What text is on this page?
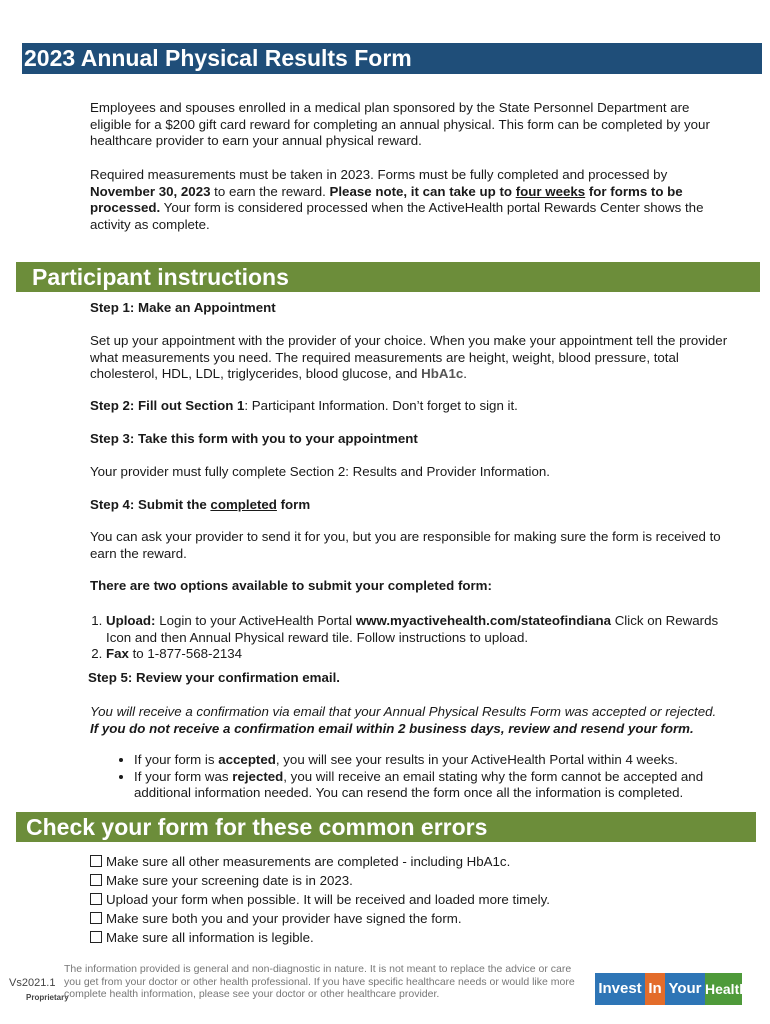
2023 Annual Physical Results Form
Employees and spouses enrolled in a medical plan sponsored by the State Personnel Department are eligible for a $200 gift card reward for completing an annual physical. This form can be completed by your healthcare provider to earn your annual physical reward.
Required measurements must be taken in 2023. Forms must be fully completed and processed by November 30, 2023 to earn the reward. Please note, it can take up to four weeks for forms to be processed. Your form is considered processed when the ActiveHealth portal Rewards Center shows the activity as complete.
Participant instructions
Step 1: Make an Appointment
Set up your appointment with the provider of your choice. When you make your appointment tell the provider what measurements you need. The required measurements are height, weight, blood pressure, total cholesterol, HDL, LDL, triglycerides, blood glucose, and HbA1c.
Step 2: Fill out Section 1: Participant Information. Don’t forget to sign it.
Step 3: Take this form with you to your appointment
Your provider must fully complete Section 2: Results and Provider Information.
Step 4: Submit the completed form
You can ask your provider to send it for you, but you are responsible for making sure the form is received to earn the reward.
There are two options available to submit your completed form:
1. Upload: Login to your ActiveHealth Portal www.myactivehealth.com/stateofindiana Click on Rewards Icon and then Annual Physical reward tile. Follow instructions to upload.
2. Fax to 1-877-568-2134
Step 5: Review your confirmation email.
You will receive a confirmation via email that your Annual Physical Results Form was accepted or rejected.
If you do not receive a confirmation email within 2 business days, review and resend your form.
• If your form is accepted, you will see your results in your ActiveHealth Portal within 4 weeks.
• If your form was rejected, you will receive an email stating why the form cannot be accepted and additional information needed. You can resend the form once all the information is completed.
Check your form for these common errors
Make sure all other measurements are completed - including HbA1c.
Make sure your screening date is in 2023.
Upload your form when possible. It will be received and loaded more timely.
Make sure both you and your provider have signed the form.
Make sure all information is legible.
Vs2021.1
Proprietary
The information provided is general and non-diagnostic in nature. It is not meant to replace the advice or care you get from your doctor or other health professional. If you have specific healthcare needs or would like more complete health information, please see your doctor or other healthcare provider.	Invest In Your Health
